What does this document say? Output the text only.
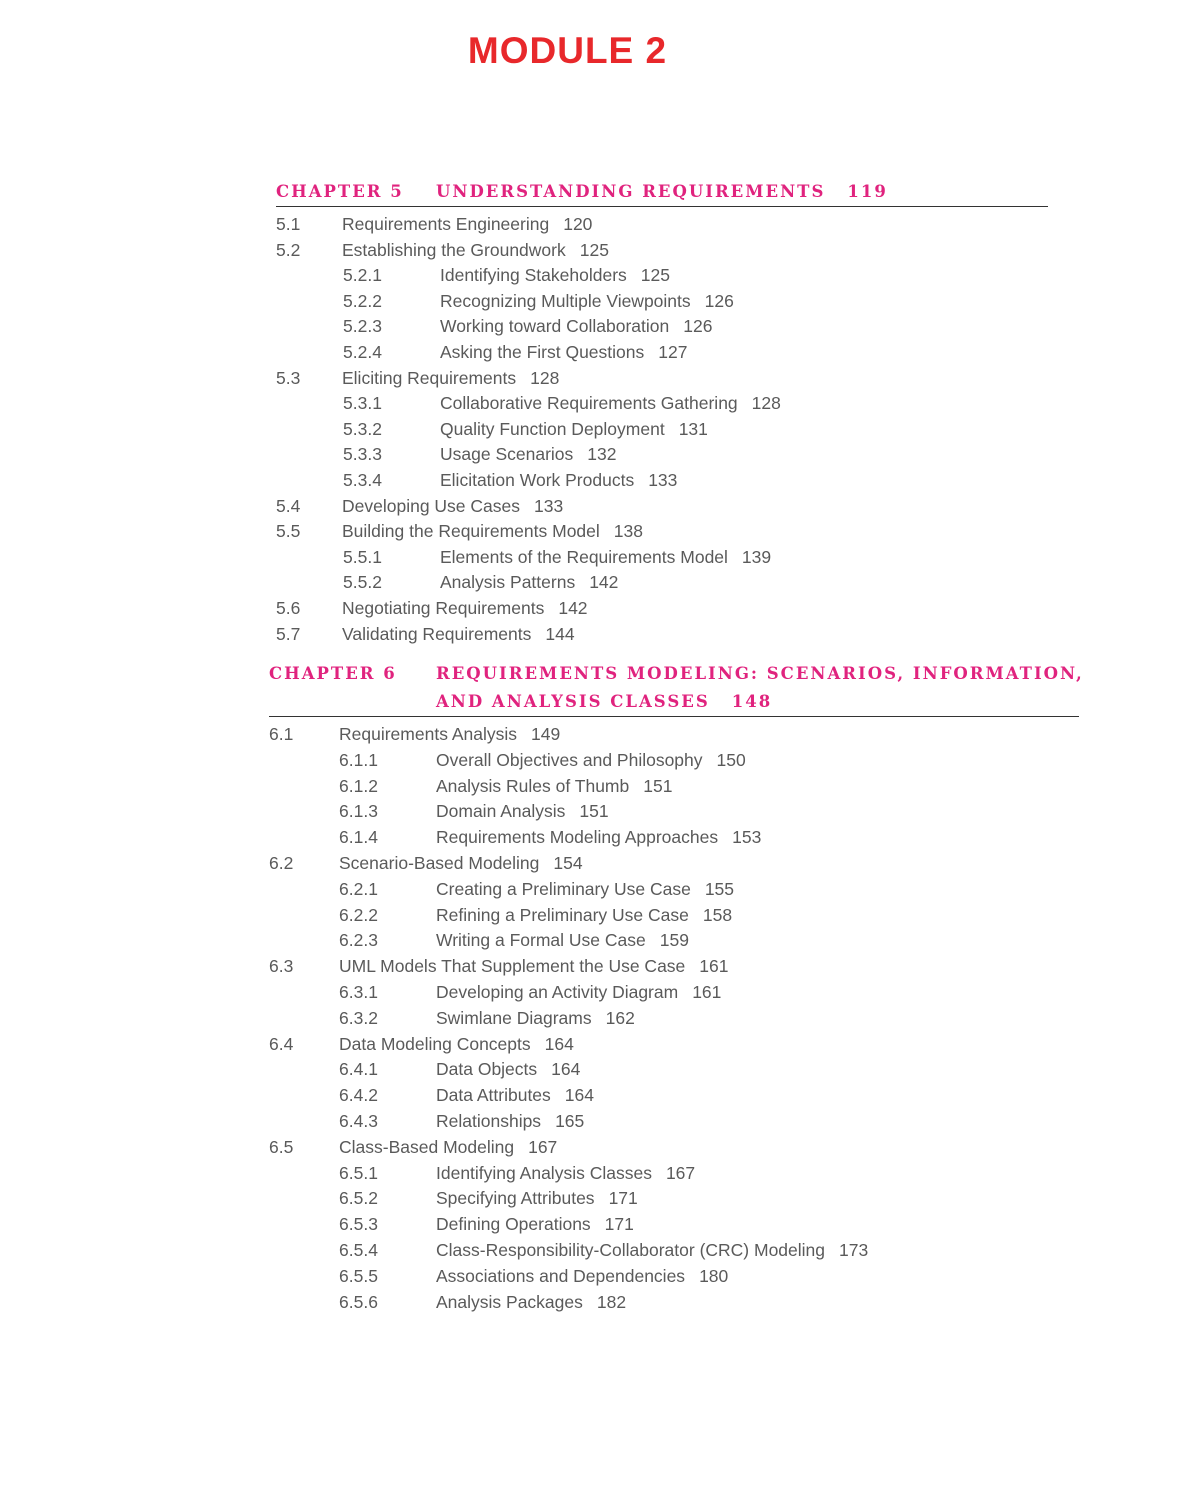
MODULE 2
CHAPTER 5 UNDERSTANDING REQUIREMENTS 119
5.1 Requirements Engineering 120
5.2 Establishing the Groundwork 125
5.2.1	Identifying Stakeholders 125
5.2.2	Recognizing Multiple Viewpoints 126
5.2.3	Working toward Collaboration 126
5.2.4	Asking the First Questions 127
5.3 Eliciting Requirements 128
5.3.1	Collaborative Requirements Gathering 128
5.3.2	Quality Function Deployment 131
5.3.3	Usage Scenarios 132
5.3.4	Elicitation Work Products 133
5.4 Developing Use Cases 133
5.5 Building the Requirements Model 138
5.5.1	Elements of the Requirements Model 139
5.5.2	Analysis Patterns 142
5.6 Negotiating Requirements 142
5.7 Validating Requirements 144
CHAPTER 6 REQUIREMENTS MODELING: SCENARIOS, INFORMATION,
AND ANALYSIS CLASSES 148
6.1	Requirements Analysis 149
6.1.1	Overall Objectives and Philosophy 150
6.1.2	Analysis Rules of Thumb 151
6.1.3	Domain Analysis 151
6.1.4	Requirements Modeling Approaches 153
6.2	Scenario-Based Modeling 154
6.2.1	Creating a Preliminary Use Case 155
6.2.2	Refining a Preliminary Use Case 158
6.2.3	Writing a Formal Use Case 159
6.3	UML Models That Supplement the Use Case 161
6.3.1	Developing an Activity Diagram 161
6.3.2	Swimlane Diagrams 162
6.4	Data Modeling Concepts 164
6.4.1	Data Objects 164
6.4.2	Data Attributes 164
6.4.3	Relationships 165
6.5	Class-Based Modeling 167
6.5.1	Identifying Analysis Classes 167
6.5.2	Specifying Attributes 171
6.5.3	Defining Operations 171
6.5.4	Class-Responsibility-Collaborator (CRC) Modeling 173
6.5.5	Associations and Dependencies 180
6.5.6	Analysis Packages 182
